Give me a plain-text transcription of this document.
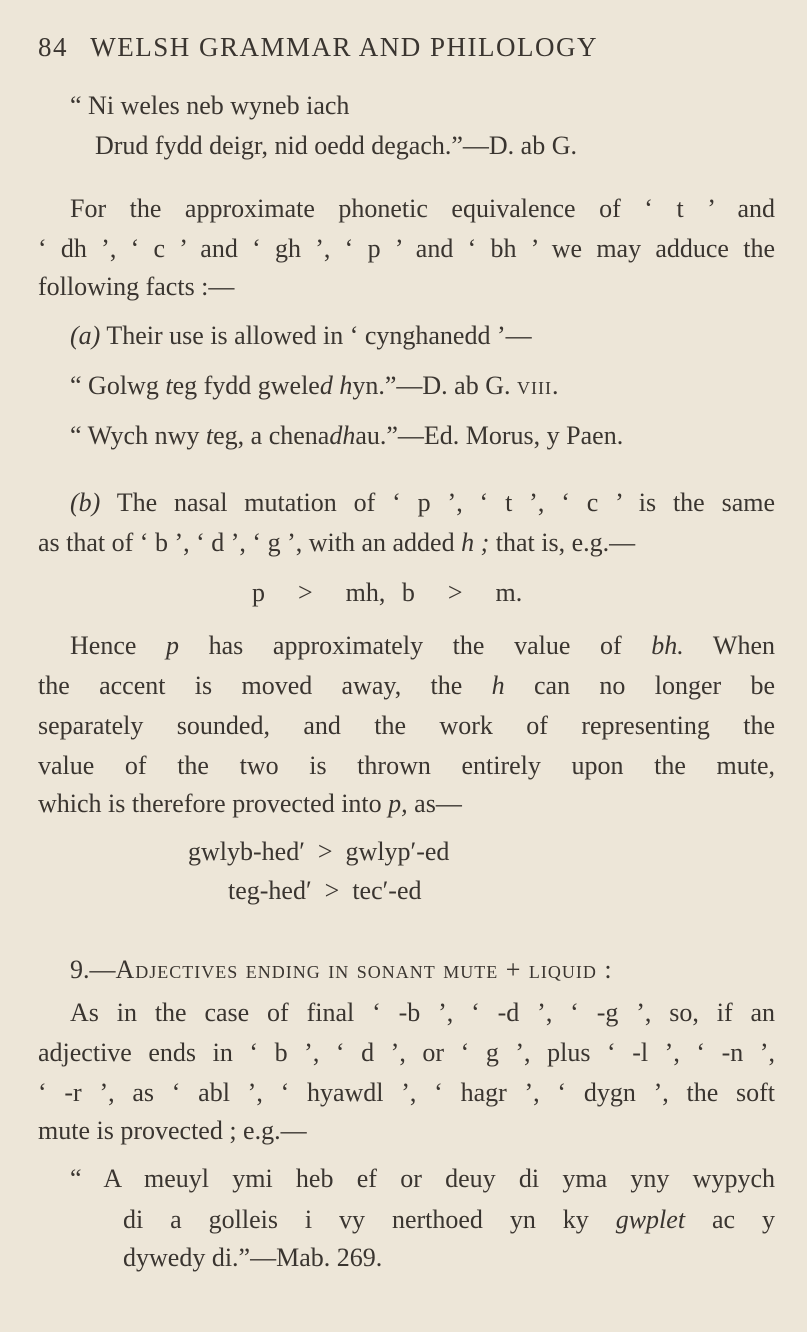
84 WELSH GRAMMAR AND PHILOLOGY
“ Ni weles neb wyneb iach
Drud fydd deigr, nid oedd degach.”—D. ab G.
For the approximate phonetic equivalence of ‘ t ’ and
‘ dh ’, ‘ c ’ and ‘ gh ’, ‘ p ’ and ‘ bh ’ we may adduce the
following facts :—
(a) Their use is allowed in ‘ cynghanedd ’—
“ Golwg teg fydd gweled hyn.”—D. ab G. viii.
“ Wych nwy teg, a chenadhau.”—Ed. Morus, y Paen.
(b) The nasal mutation of ‘ p ’, ‘ t ’, ‘ c ’ is the same
as that of ‘ b ’, ‘ d ’, ‘ g ’, with an added h ; that is, e.g.—
p  >  mh, b  >  m.
Hence p has approximately the value of bh. When
the accent is moved away, the h can no longer be
separately sounded, and the work of representing the
value of the two is thrown entirely upon the mute,
which is therefore provected into p, as—
gwlyb-hed′  >  gwlyp′-ed
teg-hed′  >  tec′-ed
9.—Adjectives ending in sonant mute + liquid :
As in the case of final ‘ -b ’, ‘ -d ’, ‘ -g ’, so, if an
adjective ends in ‘ b ’, ‘ d ’, or ‘ g ’, plus ‘ -l ’, ‘ -n ’,
‘ -r ’, as ‘ abl ’, ‘ hyawdl ’, ‘ hagr ’, ‘ dygn ’, the soft
mute is provected ; e.g.—
“ A meuyl ymi heb ef or deuy di yma yny wypych
di a golleis i vy nerthoed yn ky gwplet ac y
dywedy di.”—Mab. 269.
